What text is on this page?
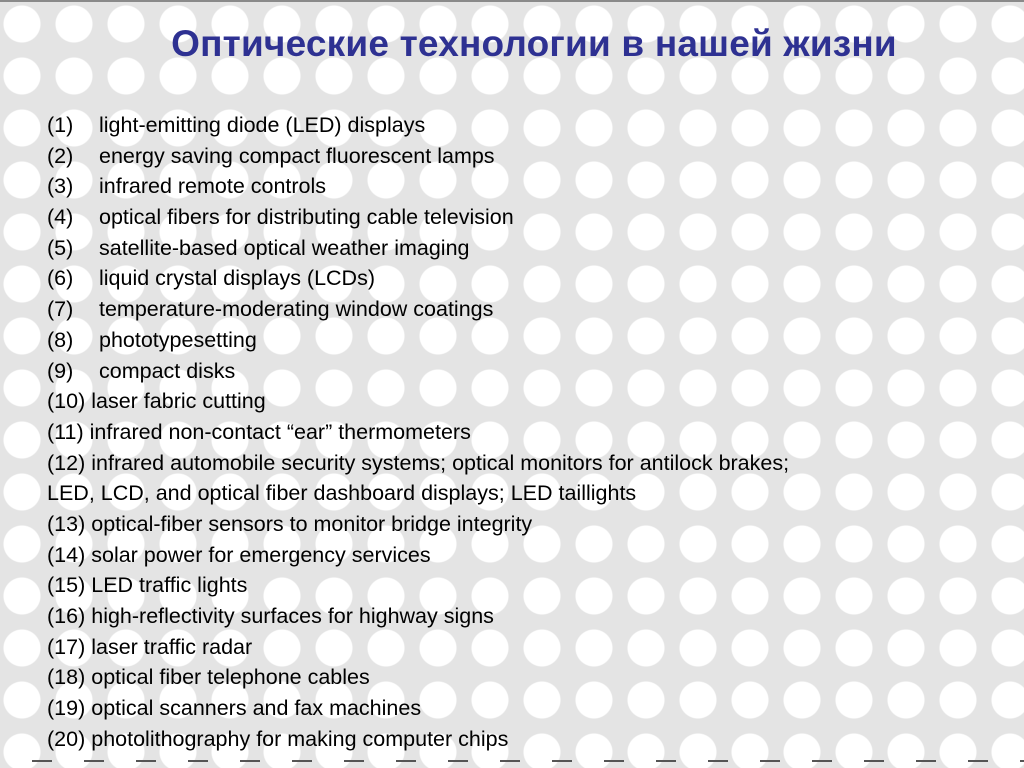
Оптические технологии в нашей жизни
(1)	light-emitting diode (LED) displays
(2)	energy saving compact fluorescent lamps
(3)	infrared remote controls
(4)	optical fibers for distributing cable television
(5)	satellite-based optical weather imaging
(6)	liquid crystal displays (LCDs)
(7)	temperature-moderating window coatings
(8)	phototypesetting
(9)	compact disks
(10) laser fabric cutting
(11) infrared non-contact “ear” thermometers
(12) infrared automobile security systems; optical monitors for antilock brakes;
LED, LCD, and optical fiber dashboard displays; LED taillights
(13) optical-fiber sensors to monitor bridge integrity
(14) solar power for emergency services
(15) LED traffic lights
(16) high-reflectivity surfaces for highway signs
(17) laser traffic radar
(18) optical fiber telephone cables
(19) optical scanners and fax machines
(20) photolithography for making computer chips
